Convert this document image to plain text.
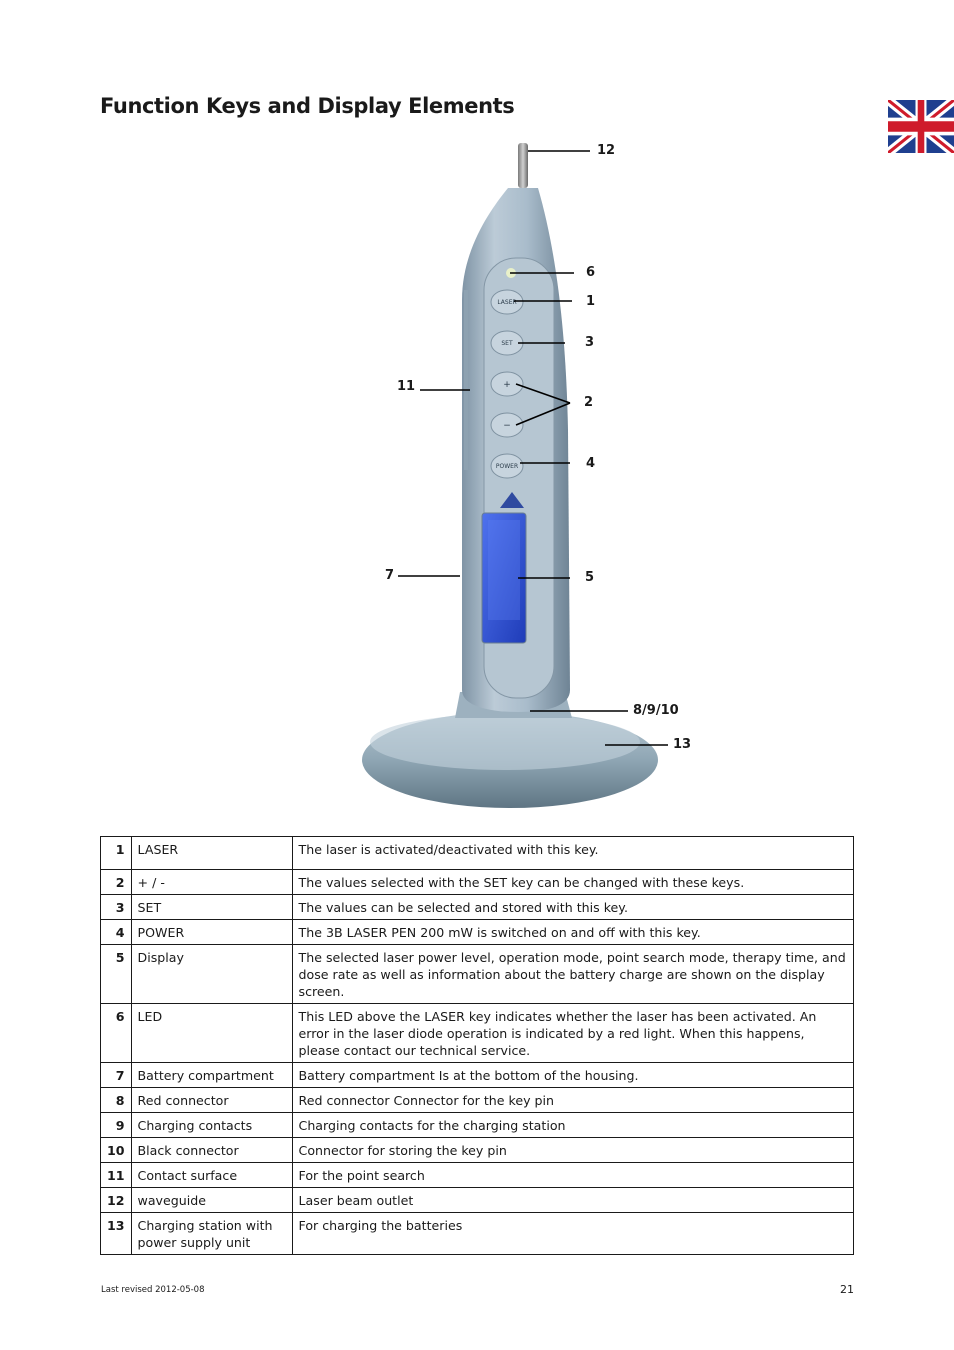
Function Keys and Display Elements
LASER
SET
+
−
POWER
12
6
1
3
11
2
4
7	5
8/9/10
13
1	LASER	The laser is activated/deactivated with this key.
2	+ / -	The values selected with the SET key can be changed with these keys.
3	SET	The values can be selected and stored with this key.
4	POWER	The 3B LASER PEN 200 mW is switched on and off with this key.
5	Display	The selected laser power level, operation mode, point search mode, therapy time, and dose rate as well as information about the battery charge are shown on the display screen.
6	LED	This LED above the LASER key indicates whether the laser has been activated. An error in the laser diode operation is indicated by a red light. When this happens, please contact our technical service.
7	Battery compartment	Battery compartment Is at the bottom of the housing.
8	Red connector	Red connector Connector for the key pin
9	Charging contacts	Charging contacts for the charging station
10	Black connector	Connector for storing the key pin
11	Contact surface	For the point search
12	waveguide	Laser beam outlet
13	Charging station with power supply unit	For charging the batteries
Last revised 2012-05-08	21
